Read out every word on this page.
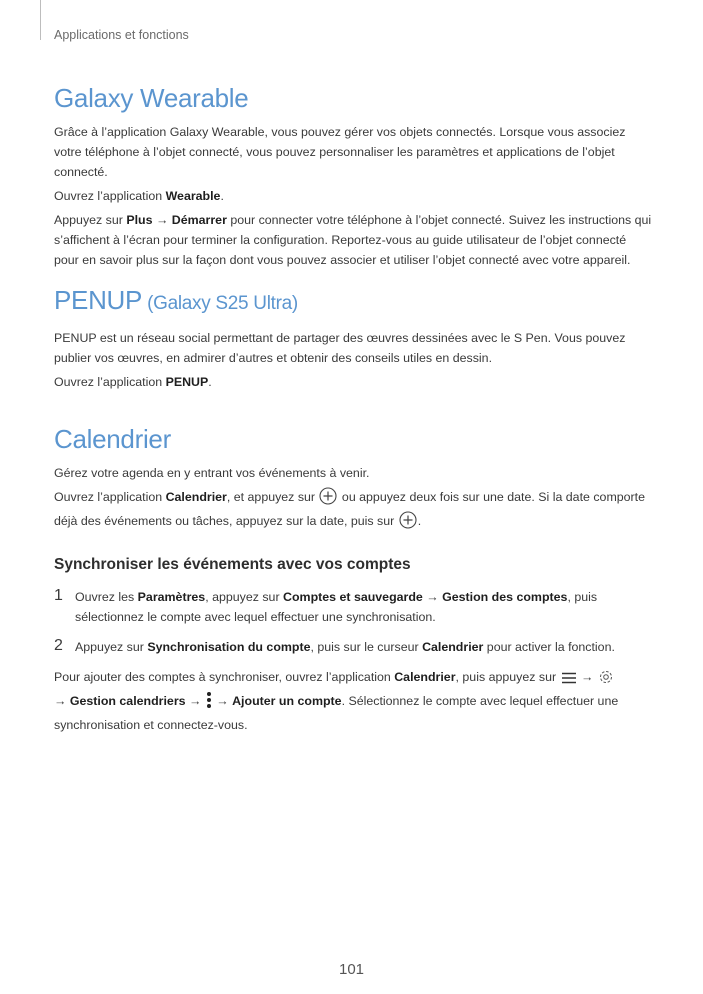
Applications et fonctions
Galaxy Wearable

Grâce à l’application Galaxy Wearable, vous pouvez gérer vos objets connectés. Lorsque vous associez votre téléphone à l’objet connecté, vous pouvez personnaliser les paramètres et applications de l’objet connecté.

Ouvrez l’application Wearable.

Appuyez sur Plus → Démarrer pour connecter votre téléphone à l’objet connecté. Suivez les instructions qui s’affichent à l’écran pour terminer la configuration. Reportez-vous au guide utilisateur de l’objet connecté pour en savoir plus sur la façon dont vous pouvez associer et utiliser l’objet connecté avec votre appareil.

PENUP (Galaxy S25 Ultra)

PENUP est un réseau social permettant de partager des œuvres dessinées avec le S Pen. Vous pouvez publier vos œuvres, en admirer d’autres et obtenir des conseils utiles en dessin.

Ouvrez l’application PENUP.

Calendrier

Gérez votre agenda en y entrant vos événements à venir.

Ouvrez l’application Calendrier, et appuyez sur  ou appuyez deux fois sur une date. Si la date comporte déjà des événements ou tâches, appuyez sur la date, puis sur .

Synchroniser les événements avec vos comptes
1 Ouvrez les Paramètres, appuyez sur Comptes et sauvegarde → Gestion des comptes, puis sélectionnez le compte avec lequel effectuer une synchronisation.
2 Appuyez sur Synchronisation du compte, puis sur le curseur Calendrier pour activer la fonction.

Pour ajouter des comptes à synchroniser, ouvrez l’application Calendrier, puis appuyez sur  →
→ Gestion calendriers →  → Ajouter un compte. Sélectionnez le compte avec lequel effectuer une synchronisation et connectez-vous.

101
